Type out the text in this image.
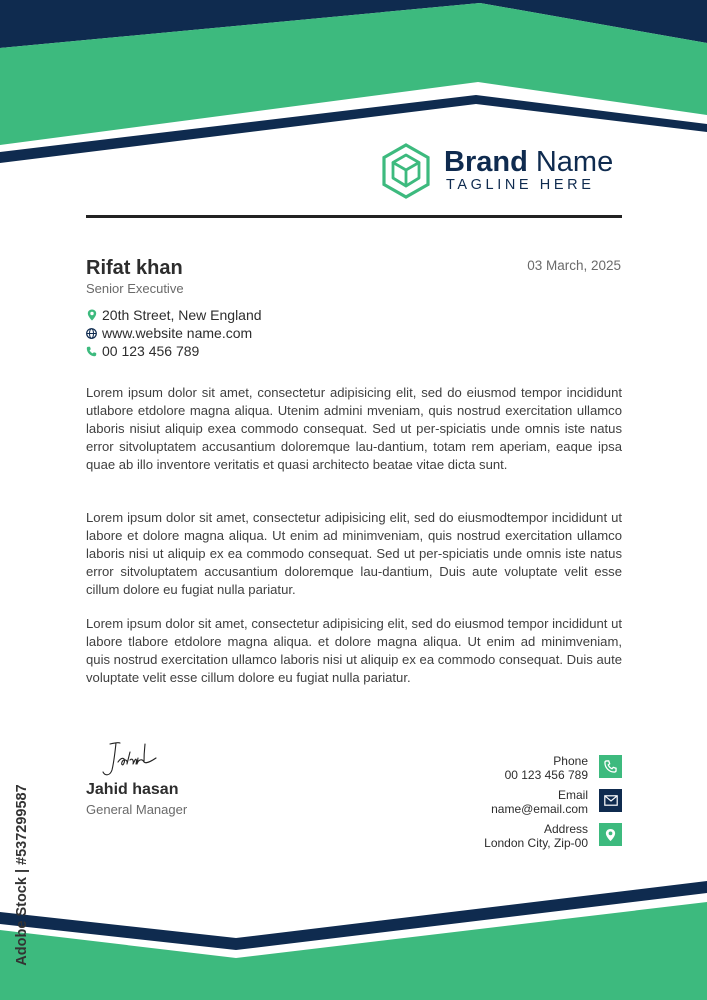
Brand Name
TAGLINE HERE
Rifat khan
Senior Executive
03 March, 2025
20th Street, New England
www.website name.com
00 123 456 789

Lorem ipsum dolor sit amet, consectetur adipisicing elit, sed do eiusmod tempor incididunt utlabore etdolore magna aliqua. Utenim admini mveniam, quis nostrud exercitation ullamco laboris nisiut aliquip exea commodo consequat. Sed ut per-spiciatis unde omnis iste natus error sitvoluptatem accusantium doloremque lau-dantium, totam rem aperiam, eaque ipsa quae ab illo inventore veritatis et quasi architecto beatae vitae dicta sunt.

Lorem ipsum dolor sit amet, consectetur adipisicing elit, sed do eiusmodtempor incididunt ut labore et dolore magna aliqua. Ut enim ad minimveniam, quis nostrud exercitation ullamco laboris nisi ut aliquip ex ea commodo consequat. Sed ut per-spiciatis unde omnis iste natus error sitvoluptatem accusantium doloremque lau-dantium, Duis aute voluptate velit esse cillum dolore eu fugiat nulla pariatur.

Lorem ipsum dolor sit amet, consectetur adipisicing elit, sed do eiusmod tempor incididunt ut labore tlabore etdolore magna aliqua. et dolore magna aliqua. Ut enim ad minimveniam, quis nostrud exercitation ullamco laboris nisi ut aliquip ex ea commodo consequat. Duis aute voluptate velit esse cillum dolore eu fugiat nulla pariatur.

Jahid hasan
General Manager
Phone
00 123 456 789
Email
name@email.com
Address
London City, Zip-00
Adobe Stock | #537299587
